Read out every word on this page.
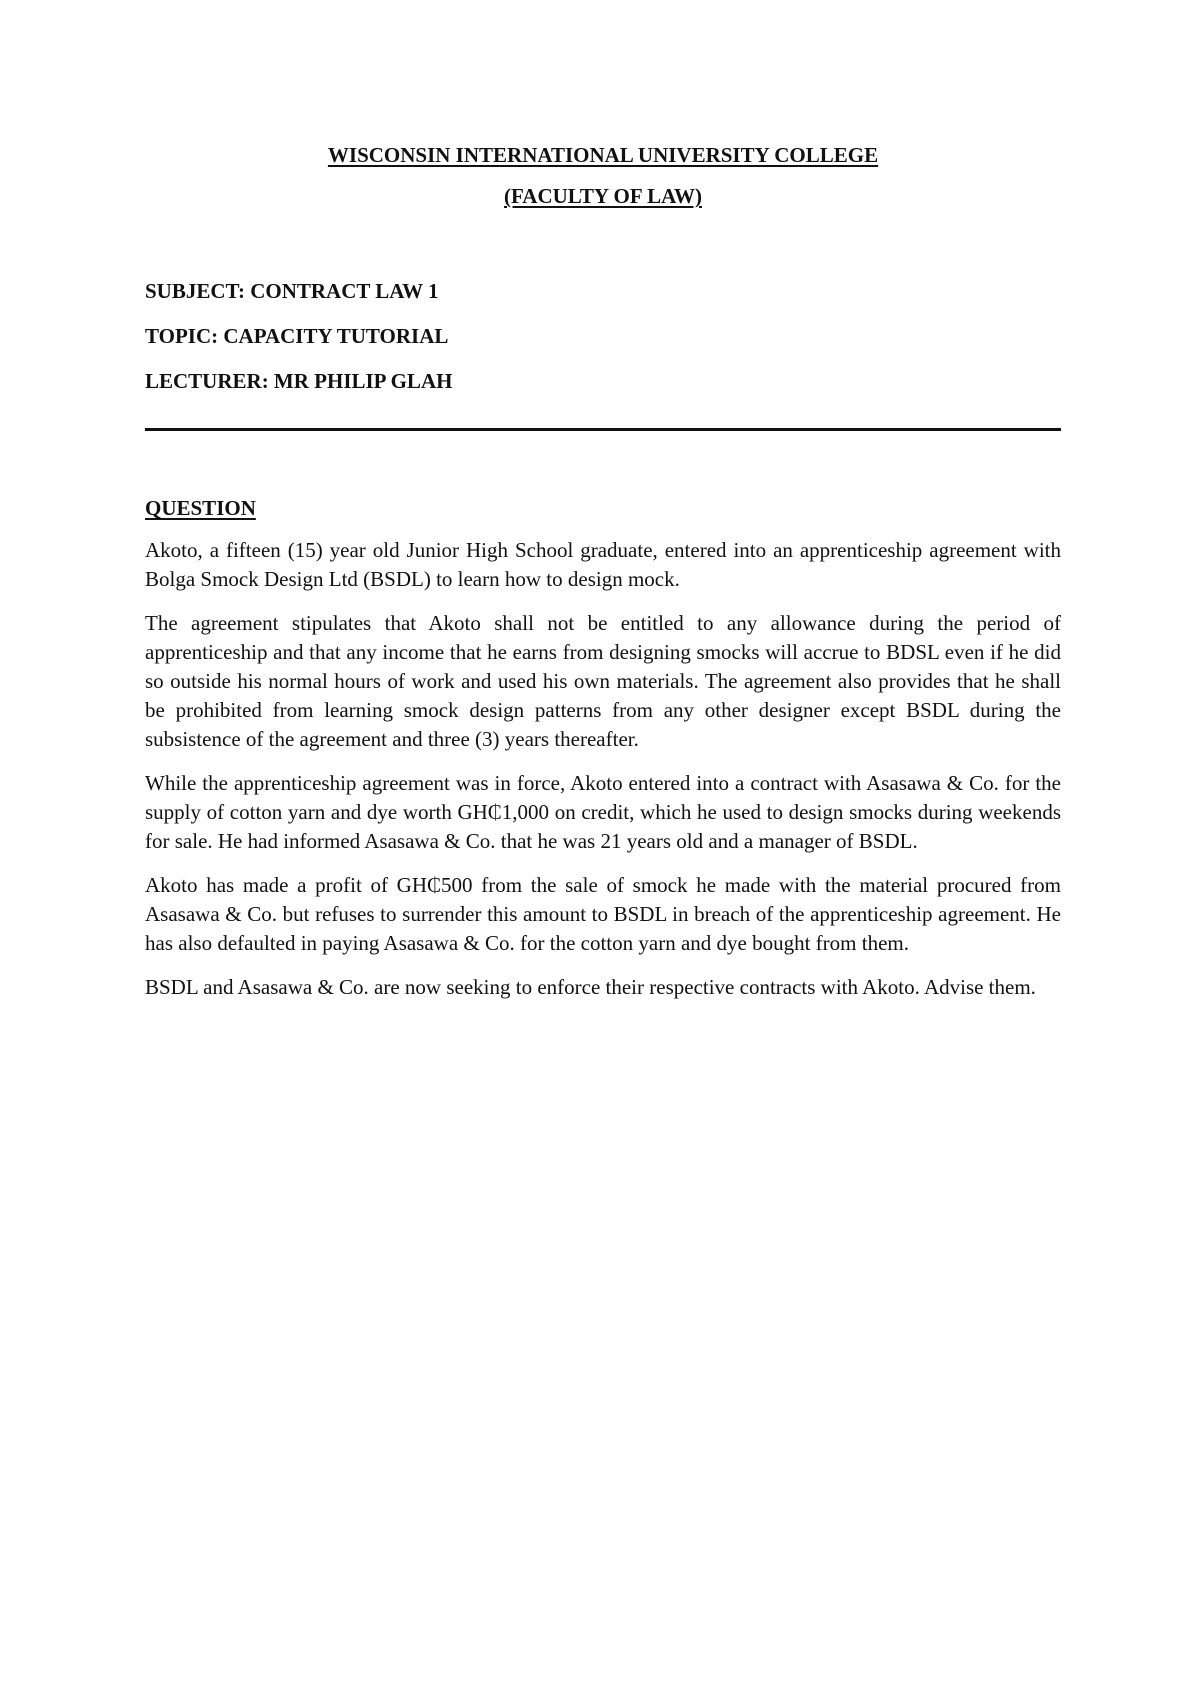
WISCONSIN INTERNATIONAL UNIVERSITY COLLEGE
(FACULTY OF LAW)
SUBJECT: CONTRACT LAW 1
TOPIC: CAPACITY TUTORIAL
LECTURER: MR PHILIP GLAH
QUESTION

Akoto, a fifteen (15) year old Junior High School graduate, entered into an apprenticeship agreement with Bolga Smock Design Ltd (BSDL) to learn how to design mock.

The agreement stipulates that Akoto shall not be entitled to any allowance during the period of apprenticeship and that any income that he earns from designing smocks will accrue to BDSL even if he did so outside his normal hours of work and used his own materials. The agreement also provides that he shall be prohibited from learning smock design patterns from any other designer except BSDL during the subsistence of the agreement and three (3) years thereafter.

While the apprenticeship agreement was in force, Akoto entered into a contract with Asasawa & Co. for the supply of cotton yarn and dye worth GH₵1,000 on credit, which he used to design smocks during weekends for sale. He had informed Asasawa & Co. that he was 21 years old and a manager of BSDL.

Akoto has made a profit of GH₵500 from the sale of smock he made with the material procured from Asasawa & Co. but refuses to surrender this amount to BSDL in breach of the apprenticeship agreement. He has also defaulted in paying Asasawa & Co. for the cotton yarn and dye bought from them.

BSDL and Asasawa & Co. are now seeking to enforce their respective contracts with Akoto. Advise them.
